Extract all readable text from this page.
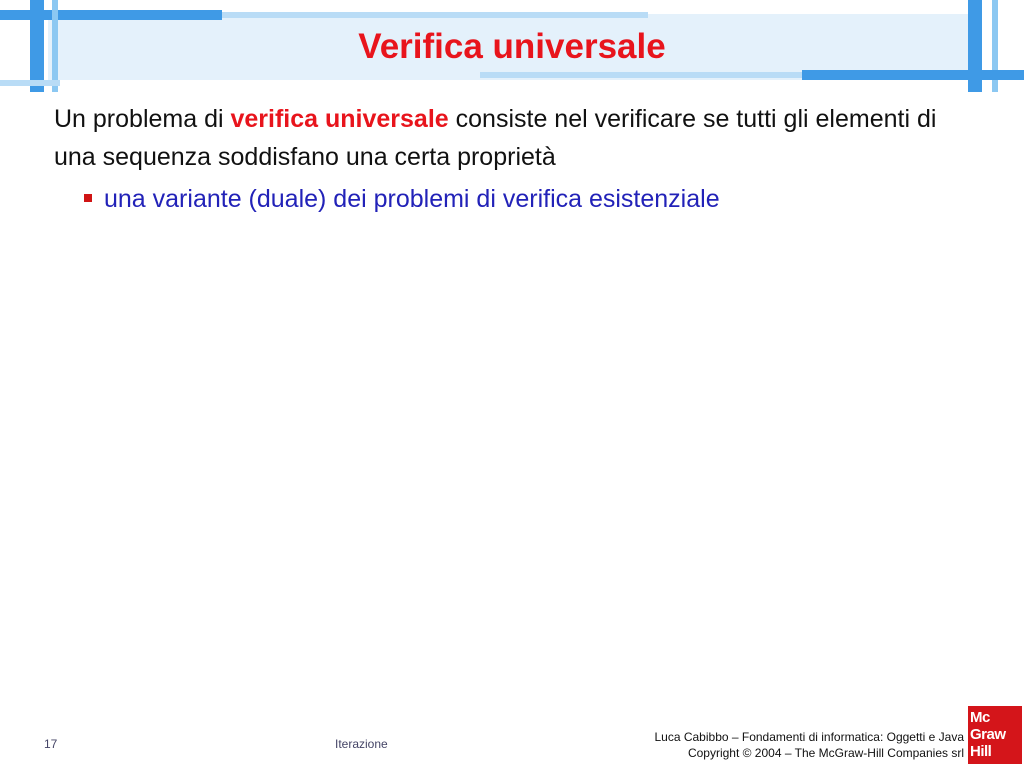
Verifica universale
Un problema di verifica universale consiste nel verificare se tutti gli elementi di una sequenza soddisfano una certa proprietà
una variante (duale) dei problemi di verifica esistenziale
17	Iterazione	Luca Cabibbo – Fondamenti di informatica: Oggetti e Java
Copyright © 2004 – The McGraw-Hill Companies srl
Mc
Graw
Hill
